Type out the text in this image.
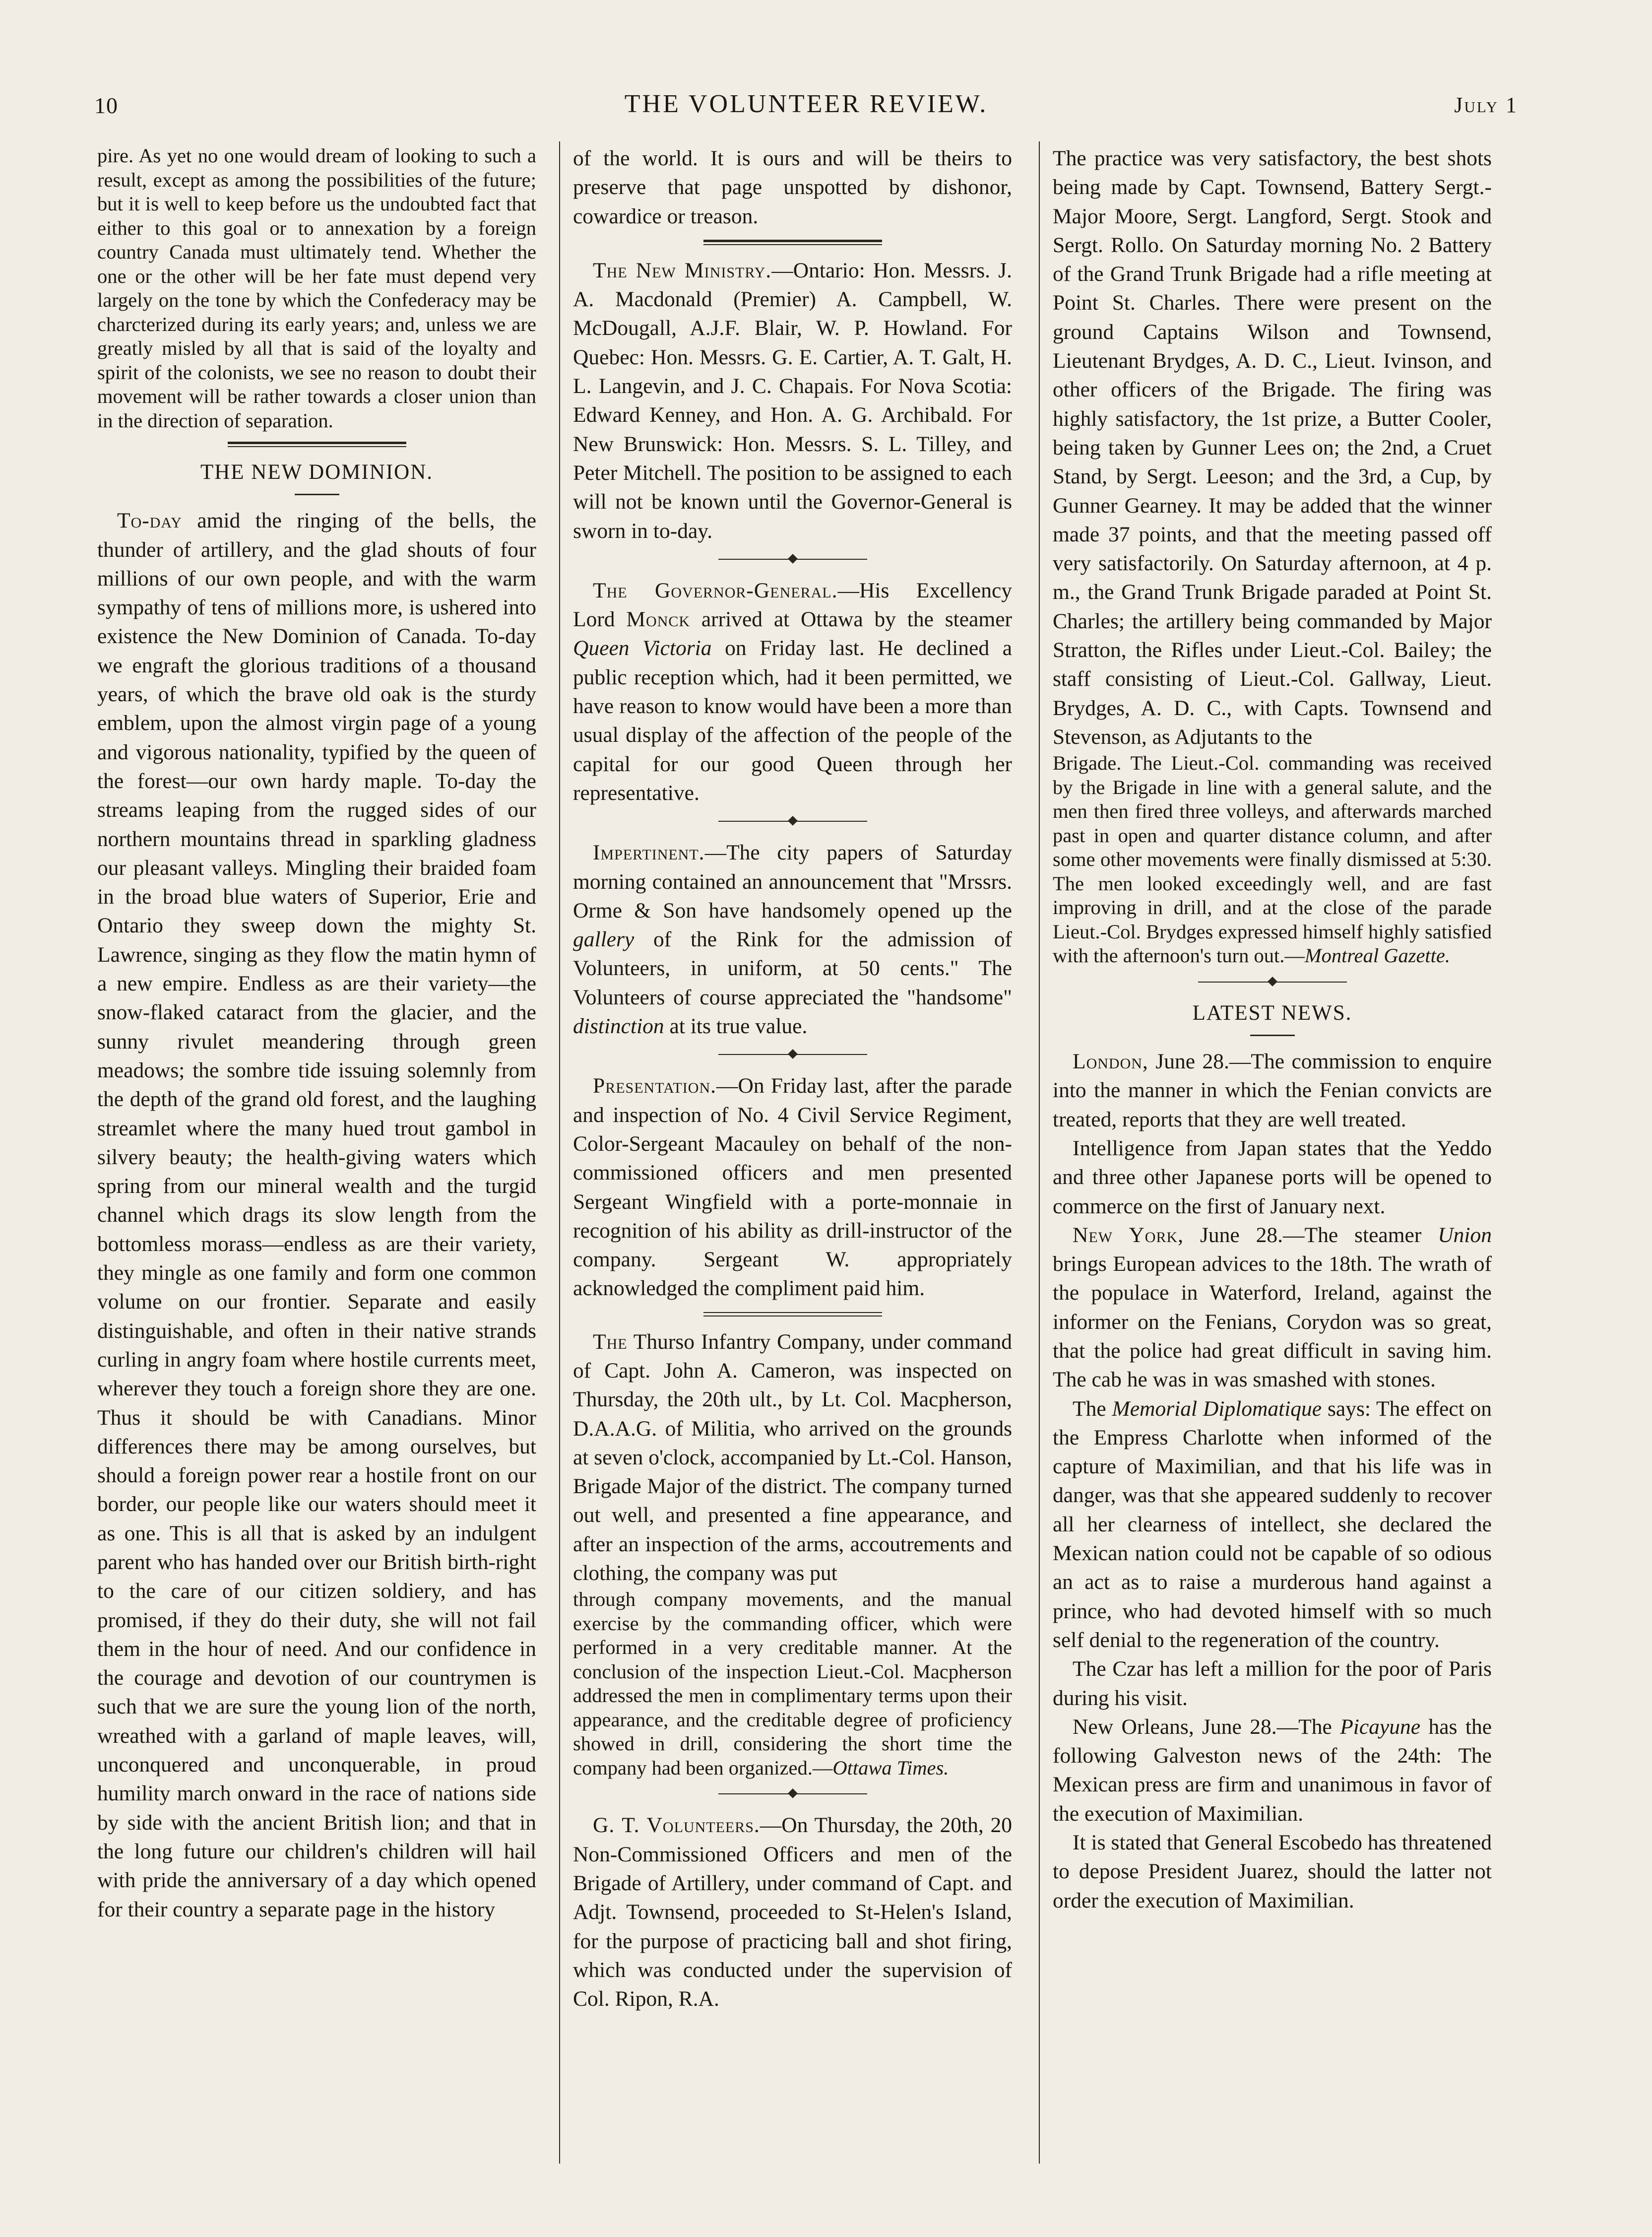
10	THE VOLUNTEER REVIEW.	July 1

pire. As yet no one would dream of looking to such a result, except as among the possibilities of the future; but it is well to keep before us the undoubted fact that either to this goal or to annexation by a foreign country Canada must ultimately tend. Whether the one or the other will be her fate must depend very largely on the tone by which the Confederacy may be charcterized during its early years; and, unless we are greatly misled by all that is said of the loyalty and spirit of the colonists, we see no reason to doubt their movement will be rather towards a closer union than in the direction of separation.

THE NEW DOMINION.

To-day amid the ringing of the bells, the thunder of artillery, and the glad shouts of four millions of our own people, and with the warm sympathy of tens of millions more, is ushered into existence the New Dominion of Canada. To-day we engraft the glorious traditions of a thousand years, of which the brave old oak is the sturdy emblem, upon the almost virgin page of a young and vigorous nationality, typified by the queen of the forest—our own hardy maple. To-day the streams leaping from the rugged sides of our northern mountains thread in sparkling gladness our pleasant valleys. Mingling their braided foam in the broad blue waters of Superior, Erie and Ontario they sweep down the mighty St. Lawrence, singing as they flow the matin hymn of a new empire. Endless as are their variety—the snow-flaked cataract from the glacier, and the sunny rivulet meandering through green meadows; the sombre tide issuing solemnly from the depth of the grand old forest, and the laughing streamlet where the many hued trout gambol in silvery beauty; the health-giving waters which spring from our mineral wealth and the turgid channel which drags its slow length from the bottomless morass—endless as are their variety, they mingle as one family and form one common volume on our frontier. Separate and easily distinguishable, and often in their native strands curling in angry foam where hostile currents meet, wherever they touch a foreign shore they are one. Thus it should be with Canadians. Minor differences there may be among ourselves, but should a foreign power rear a hostile front on our border, our people like our waters should meet it as one. This is all that is asked by an indulgent parent who has handed over our British birth-right to the care of our citizen soldiery, and has promised, if they do their duty, she will not fail them in the hour of need. And our confidence in the courage and devotion of our countrymen is such that we are sure the young lion of the north, wreathed with a garland of maple leaves, will, unconquered and unconquerable, in proud humility march onward in the race of nations side by side with the ancient British lion; and that in the long future our children's children will hail with pride the anniversary of a day which opened for their country a separate page in the history

of the world. It is ours and will be theirs to preserve that page unspotted by dishonor, cowardice or treason.

The New Ministry.—Ontario: Hon. Messrs. J. A. Macdonald (Premier) A. Campbell, W. McDougall, A.J.F. Blair, W. P. Howland. For Quebec: Hon. Messrs. G. E. Cartier, A. T. Galt, H. L. Langevin, and J. C. Chapais. For Nova Scotia: Edward Kenney, and Hon. A. G. Archibald. For New Brunswick: Hon. Messrs. S. L. Tilley, and Peter Mitchell. The position to be assigned to each will not be known until the Governor-General is sworn in to-day.

The Governor-General.—His Excellency Lord Monck arrived at Ottawa by the steamer Queen Victoria on Friday last. He declined a public reception which, had it been permitted, we have reason to know would have been a more than usual display of the affection of the people of the capital for our good Queen through her representative.

Impertinent.—The city papers of Saturday morning contained an announcement that "Mrssrs. Orme & Son have handsomely opened up the gallery of the Rink for the admission of Volunteers, in uniform, at 50 cents." The Volunteers of course appreciated the "handsome" distinction at its true value.

Presentation.—On Friday last, after the parade and inspection of No. 4 Civil Service Regiment, Color-Sergeant Macauley on behalf of the non-commissioned officers and men presented Sergeant Wingfield with a porte-monnaie in recognition of his ability as drill-instructor of the company. Sergeant W. appropriately acknowledged the compliment paid him.

The Thurso Infantry Company, under command of Capt. John A. Cameron, was inspected on Thursday, the 20th ult., by Lt. Col. Macpherson, D.A.A.G. of Militia, who arrived on the grounds at seven o'clock, accompanied by Lt.-Col. Hanson, Brigade Major of the district. The company turned out well, and presented a fine appearance, and after an inspection of the arms, accoutrements and clothing, the company was put

through company movements, and the manual exercise by the commanding officer, which were performed in a very creditable manner. At the conclusion of the inspection Lieut.-Col. Macpherson addressed the men in complimentary terms upon their appearance, and the creditable degree of proficiency showed in drill, considering the short time the company had been organized.—Ottawa Times.

G. T. Volunteers.—On Thursday, the 20th, 20 Non-Commissioned Officers and men of the Brigade of Artillery, under command of Capt. and Adjt. Townsend, proceeded to St-Helen's Island, for the purpose of practicing ball and shot firing, which was conducted under the supervision of Col. Ripon, R.A.

The practice was very satisfactory, the best shots being made by Capt. Townsend, Battery Sergt.-Major Moore, Sergt. Langford, Sergt. Stook and Sergt. Rollo. On Saturday morning No. 2 Battery of the Grand Trunk Brigade had a rifle meeting at Point St. Charles. There were present on the ground Captains Wilson and Townsend, Lieutenant Brydges, A. D. C., Lieut. Ivinson, and other officers of the Brigade. The firing was highly satisfactory, the 1st prize, a Butter Cooler, being taken by Gunner Lees on; the 2nd, a Cruet Stand, by Sergt. Leeson; and the 3rd, a Cup, by Gunner Gearney. It may be added that the winner made 37 points, and that the meeting passed off very satisfactorily. On Saturday afternoon, at 4 p. m., the Grand Trunk Brigade paraded at Point St. Charles; the artillery being commanded by Major Stratton, the Rifles under Lieut.-Col. Bailey; the staff consisting of Lieut.-Col. Gallway, Lieut. Brydges, A. D. C., with Capts. Townsend and Stevenson, as Adjutants to the

Brigade. The Lieut.-Col. commanding was received by the Brigade in line with a general salute, and the men then fired three volleys, and afterwards marched past in open and quarter distance column, and after some other movements were finally dismissed at 5:30. The men looked exceedingly well, and are fast improving in drill, and at the close of the parade Lieut.-Col. Brydges expressed himself highly satisfied with the afternoon's turn out.—Montreal Gazette.

LATEST NEWS.

London, June 28.—The commission to enquire into the manner in which the Fenian convicts are treated, reports that they are well treated.

Intelligence from Japan states that the Yeddo and three other Japanese ports will be opened to commerce on the first of January next.

New York, June 28.—The steamer Union brings European advices to the 18th. The wrath of the populace in Waterford, Ireland, against the informer on the Fenians, Corydon was so great, that the police had great difficult in saving him. The cab he was in was smashed with stones.

The Memorial Diplomatique says: The effect on the Empress Charlotte when informed of the capture of Maximilian, and that his life was in danger, was that she appeared suddenly to recover all her clearness of intellect, she declared the Mexican nation could not be capable of so odious an act as to raise a murderous hand against a prince, who had devoted himself with so much self denial to the regeneration of the country.

The Czar has left a million for the poor of Paris during his visit.

New Orleans, June 28.—The Picayune has the following Galveston news of the 24th: The Mexican press are firm and unanimous in favor of the execution of Maximilian.

It is stated that General Escobedo has threatened to depose President Juarez, should the latter not order the execution of Maximilian.
